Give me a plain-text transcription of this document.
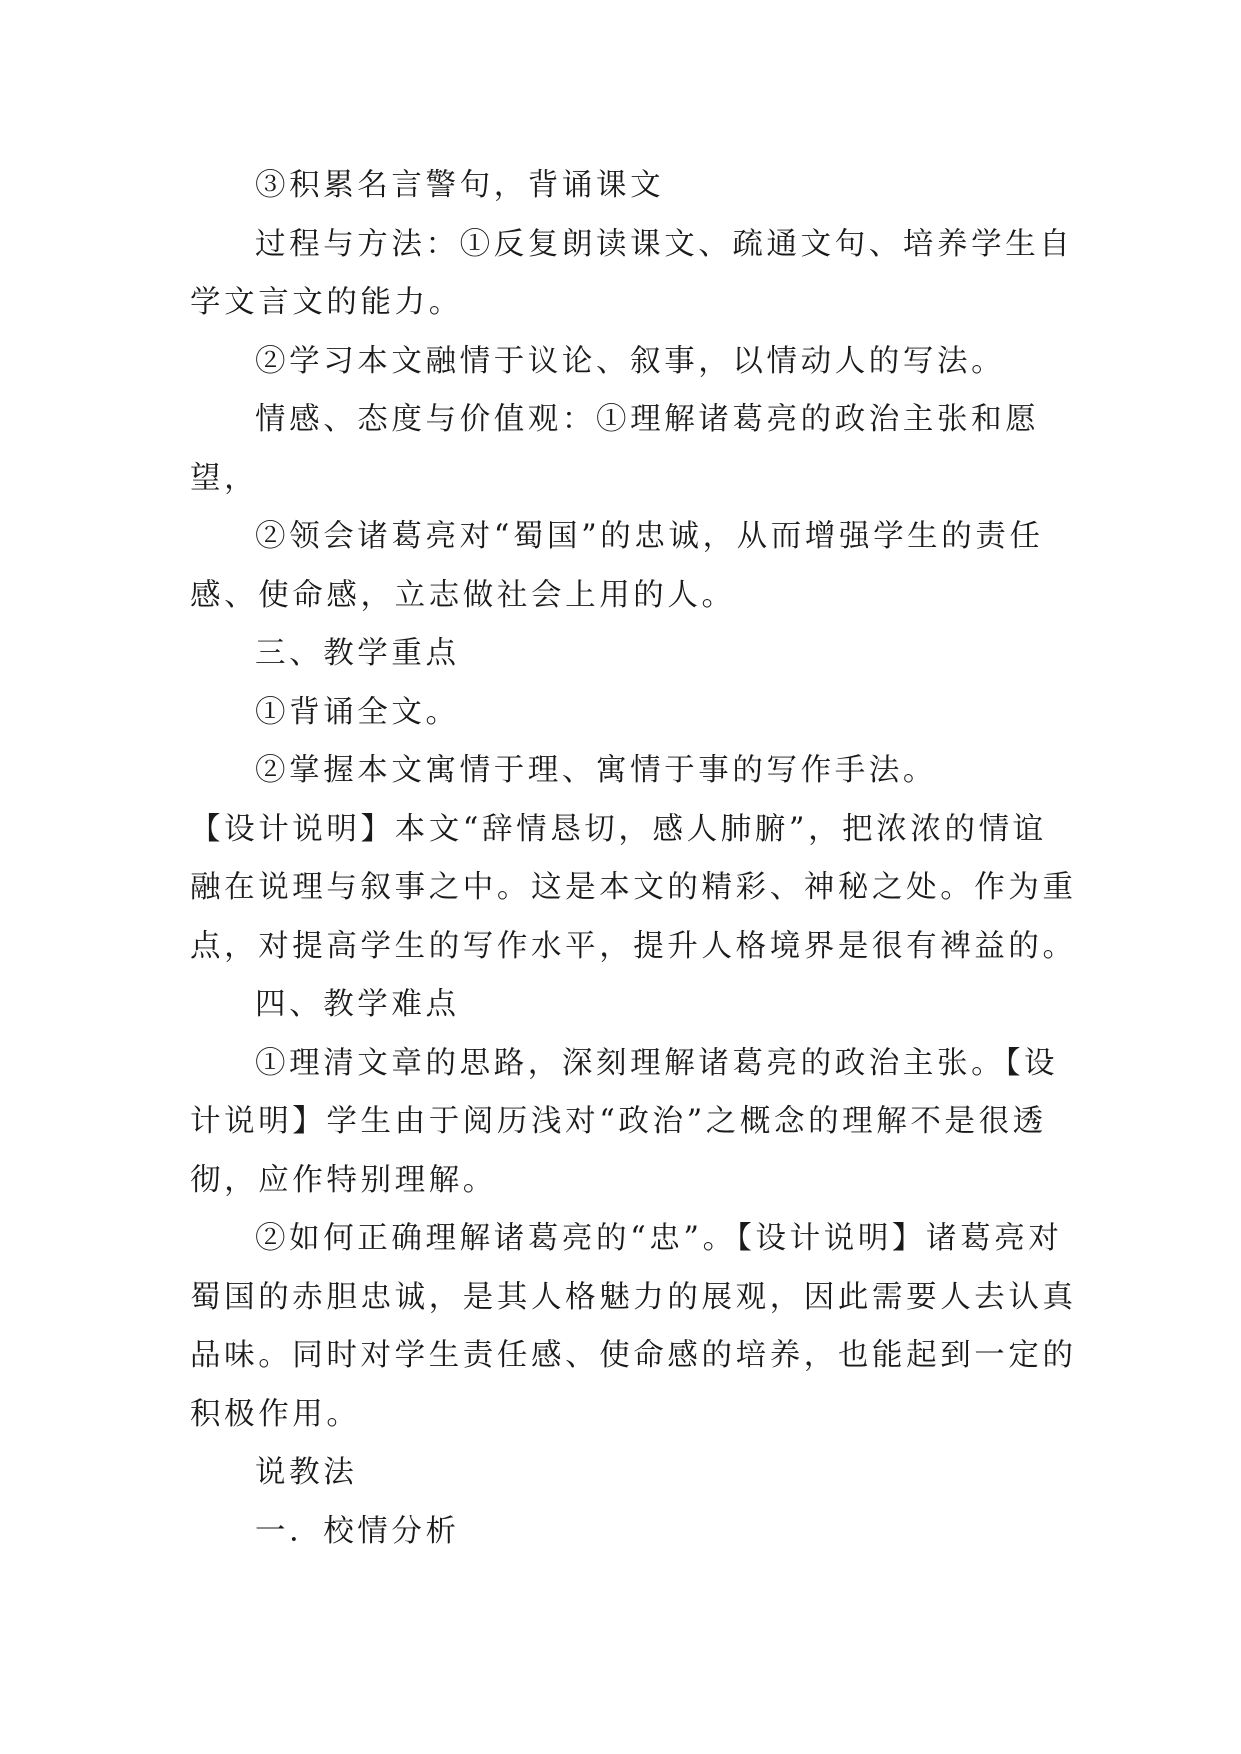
③积累名言警句，背诵课文

过程与方法：①反复朗读课文、疏通文句、培养学生自

学文言文的能力。

②学习本文融情于议论、叙事，以情动人的写法。

情感、态度与价值观：①理解诸葛亮的政治主张和愿

望，

②领会诸葛亮对“蜀国”的忠诚，从而增强学生的责任

感、使命感，立志做社会上用的人。

三、教学重点

①背诵全文。

②掌握本文寓情于理、寓情于事的写作手法。

【设计说明】本文“辞情恳切，感人肺腑”，把浓浓的情谊

融在说理与叙事之中。这是本文的精彩、神秘之处。作为重

点，对提高学生的写作水平，提升人格境界是很有裨益的。

四、教学难点

①理清文章的思路，深刻理解诸葛亮的政治主张。【设

计说明】学生由于阅历浅对“政治”之概念的理解不是很透

彻，应作特别理解。

②如何正确理解诸葛亮的“忠”。【设计说明】诸葛亮对

蜀国的赤胆忠诚，是其人格魅力的展观，因此需要人去认真

品味。同时对学生责任感、使命感的培养，也能起到一定的

积极作用。

说教法

一．校情分析
